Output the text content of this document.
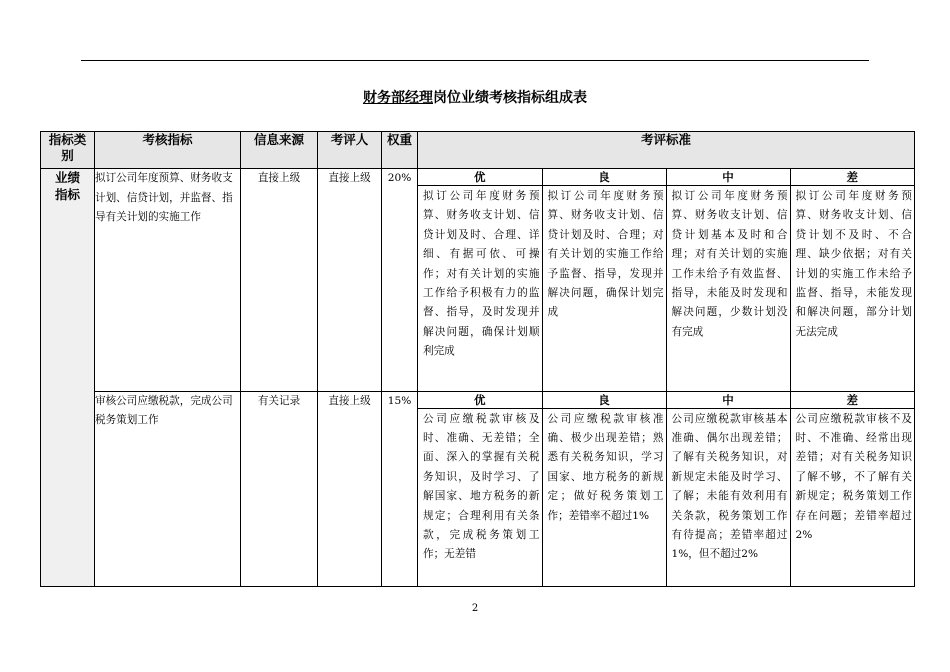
财务部经理岗位业绩考核指标组成表
指标类别	考核指标	信息来源	考评人	权重	考评标准
业绩指标	拟订公司年度预算、财务收支计划、信贷计划，并监督、指导有关计划的实施工作	直接上级	直接上级	20%		优	良	中	差
拟订公司年度财务预算、财务收支计划、信贷计划及时、合理、详细、有据可依、可操作；对有关计划的实施工作给予积极有力的监督、指导，及时发现并解决问题，确保计划顺利完成	拟订公司年度财务预算、财务收支计划、信贷计划及时、合理；对有关计划的实施工作给予监督、指导，发现并解决问题，确保计划完成	拟订公司年度财务预算、财务收支计划、信贷计划基本及时和合理；对有关计划的实施工作未给予有效监督、指导，未能及时发现和解决问题，少数计划没有完成	拟订公司年度财务预算、财务收支计划、信贷计划不及时、不合理、缺少依据；对有关计划的实施工作未给予监督、指导，未能发现和解决问题，部分计划无法完成

审核公司应缴税款，完成公司税务策划工作	有关记录	直接上级	15%		优	良	中	差
公司应缴税款审核及时、准确、无差错；全面、深入的掌握有关税务知识，及时学习、了解国家、地方税务的新规定；合理利用有关条款，完成税务策划工作；无差错	公司应缴税款审核准确、极少出现差错；熟悉有关税务知识，学习国家、地方税务的新规定；做好税务策划工作；差错率不超过1%	公司应缴税款审核基本准确、偶尔出现差错；了解有关税务知识，对新规定未能及时学习、了解；未能有效利用有关条款，税务策划工作有待提高；差错率超过1%，但不超过2%	公司应缴税款审核不及时、不准确、经常出现差错；对有关税务知识了解不够，不了解有关新规定；税务策划工作存在问题；差错率超过2%
2
